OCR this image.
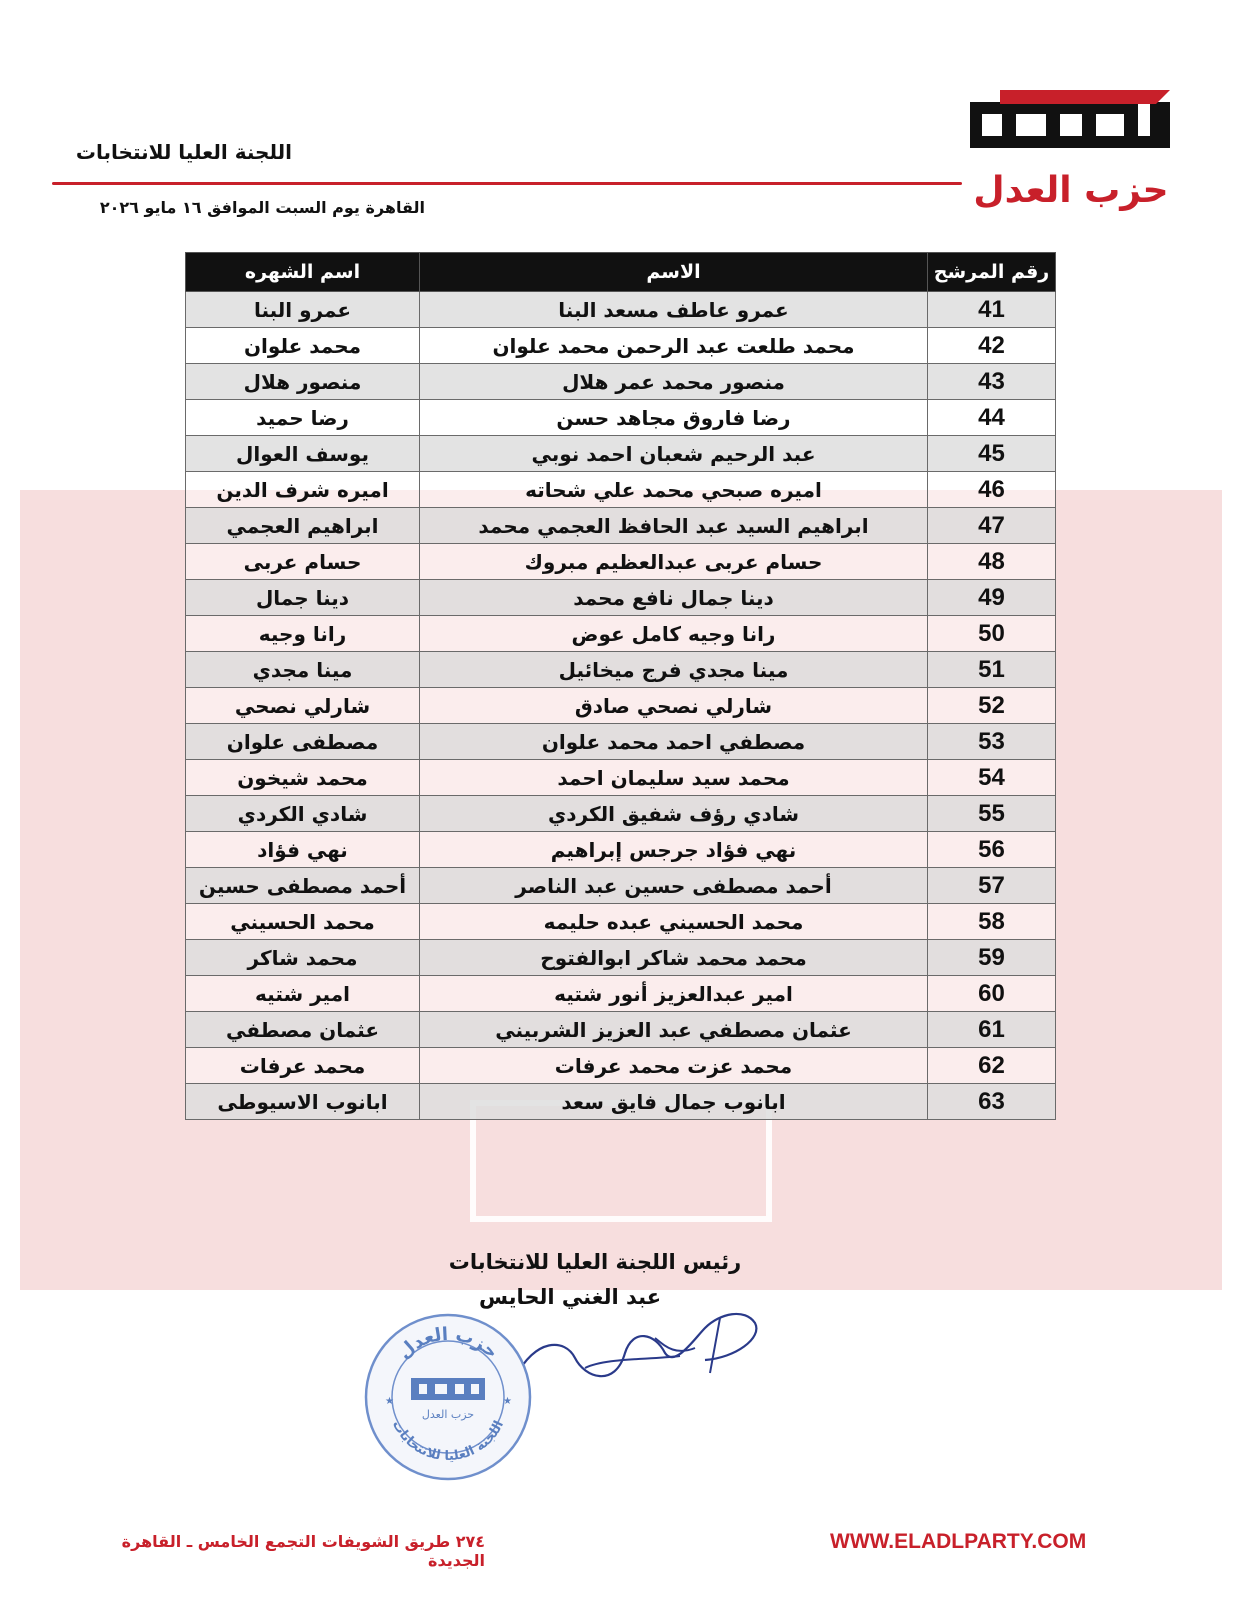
حزب العدل
اللجنة العليا للانتخابات
القاهرة يوم السبت الموافق ١٦ مايو ٢٠٢٦
رقم المرشح	الاسم	اسم الشهره
41	عمرو عاطف مسعد البنا	عمرو البنا
42	محمد طلعت عبد الرحمن محمد علوان	محمد علوان
43	منصور محمد عمر هلال	منصور هلال
44	رضا فاروق مجاهد حسن	رضا حميد
45	عبد الرحيم شعبان احمد نوبي	يوسف العوال
46	اميره صبحي محمد علي شحاته	اميره شرف الدين
47	ابراهيم السيد عبد الحافظ العجمي محمد	ابراهيم العجمي
48	حسام عربى عبدالعظيم مبروك	حسام عربى
49	دينا جمال نافع محمد	دينا جمال
50	رانا وجيه كامل عوض	رانا وجيه
51	مينا مجدي فرج ميخائيل	مينا مجدي
52	شارلي نصحي صادق	شارلي نصحي
53	مصطفي احمد محمد علوان	مصطفى علوان
54	محمد سيد سليمان احمد	محمد شيخون
55	شادي رؤف شفيق الكردي	شادي الكردي
56	نهي فؤاد جرجس إبراهيم	نهي فؤاد
57	أحمد مصطفى حسين عبد الناصر	أحمد مصطفى حسين
58	محمد الحسيني عبده حليمه	محمد الحسيني
59	محمد محمد شاكر ابوالفتوح	محمد شاكر
60	امير عبدالعزيز أنور شتيه	امير شتيه
61	عثمان مصطفي عبد العزيز الشربيني	عثمان مصطفي
62	محمد عزت محمد عرفات	محمد عرفات
63	ابانوب جمال فايق سعد	ابانوب الاسيوطى
رئيس اللجنة العليا للانتخابات
عبد الغني الحايس
حزب العدل
اللجنة العليا للانتخابات
حزب العدل
★	★
٢٧٤ طريق الشويفات التجمع الخامس ـ القاهرة الجديدة
WWW.ELADLPARTY.COM
